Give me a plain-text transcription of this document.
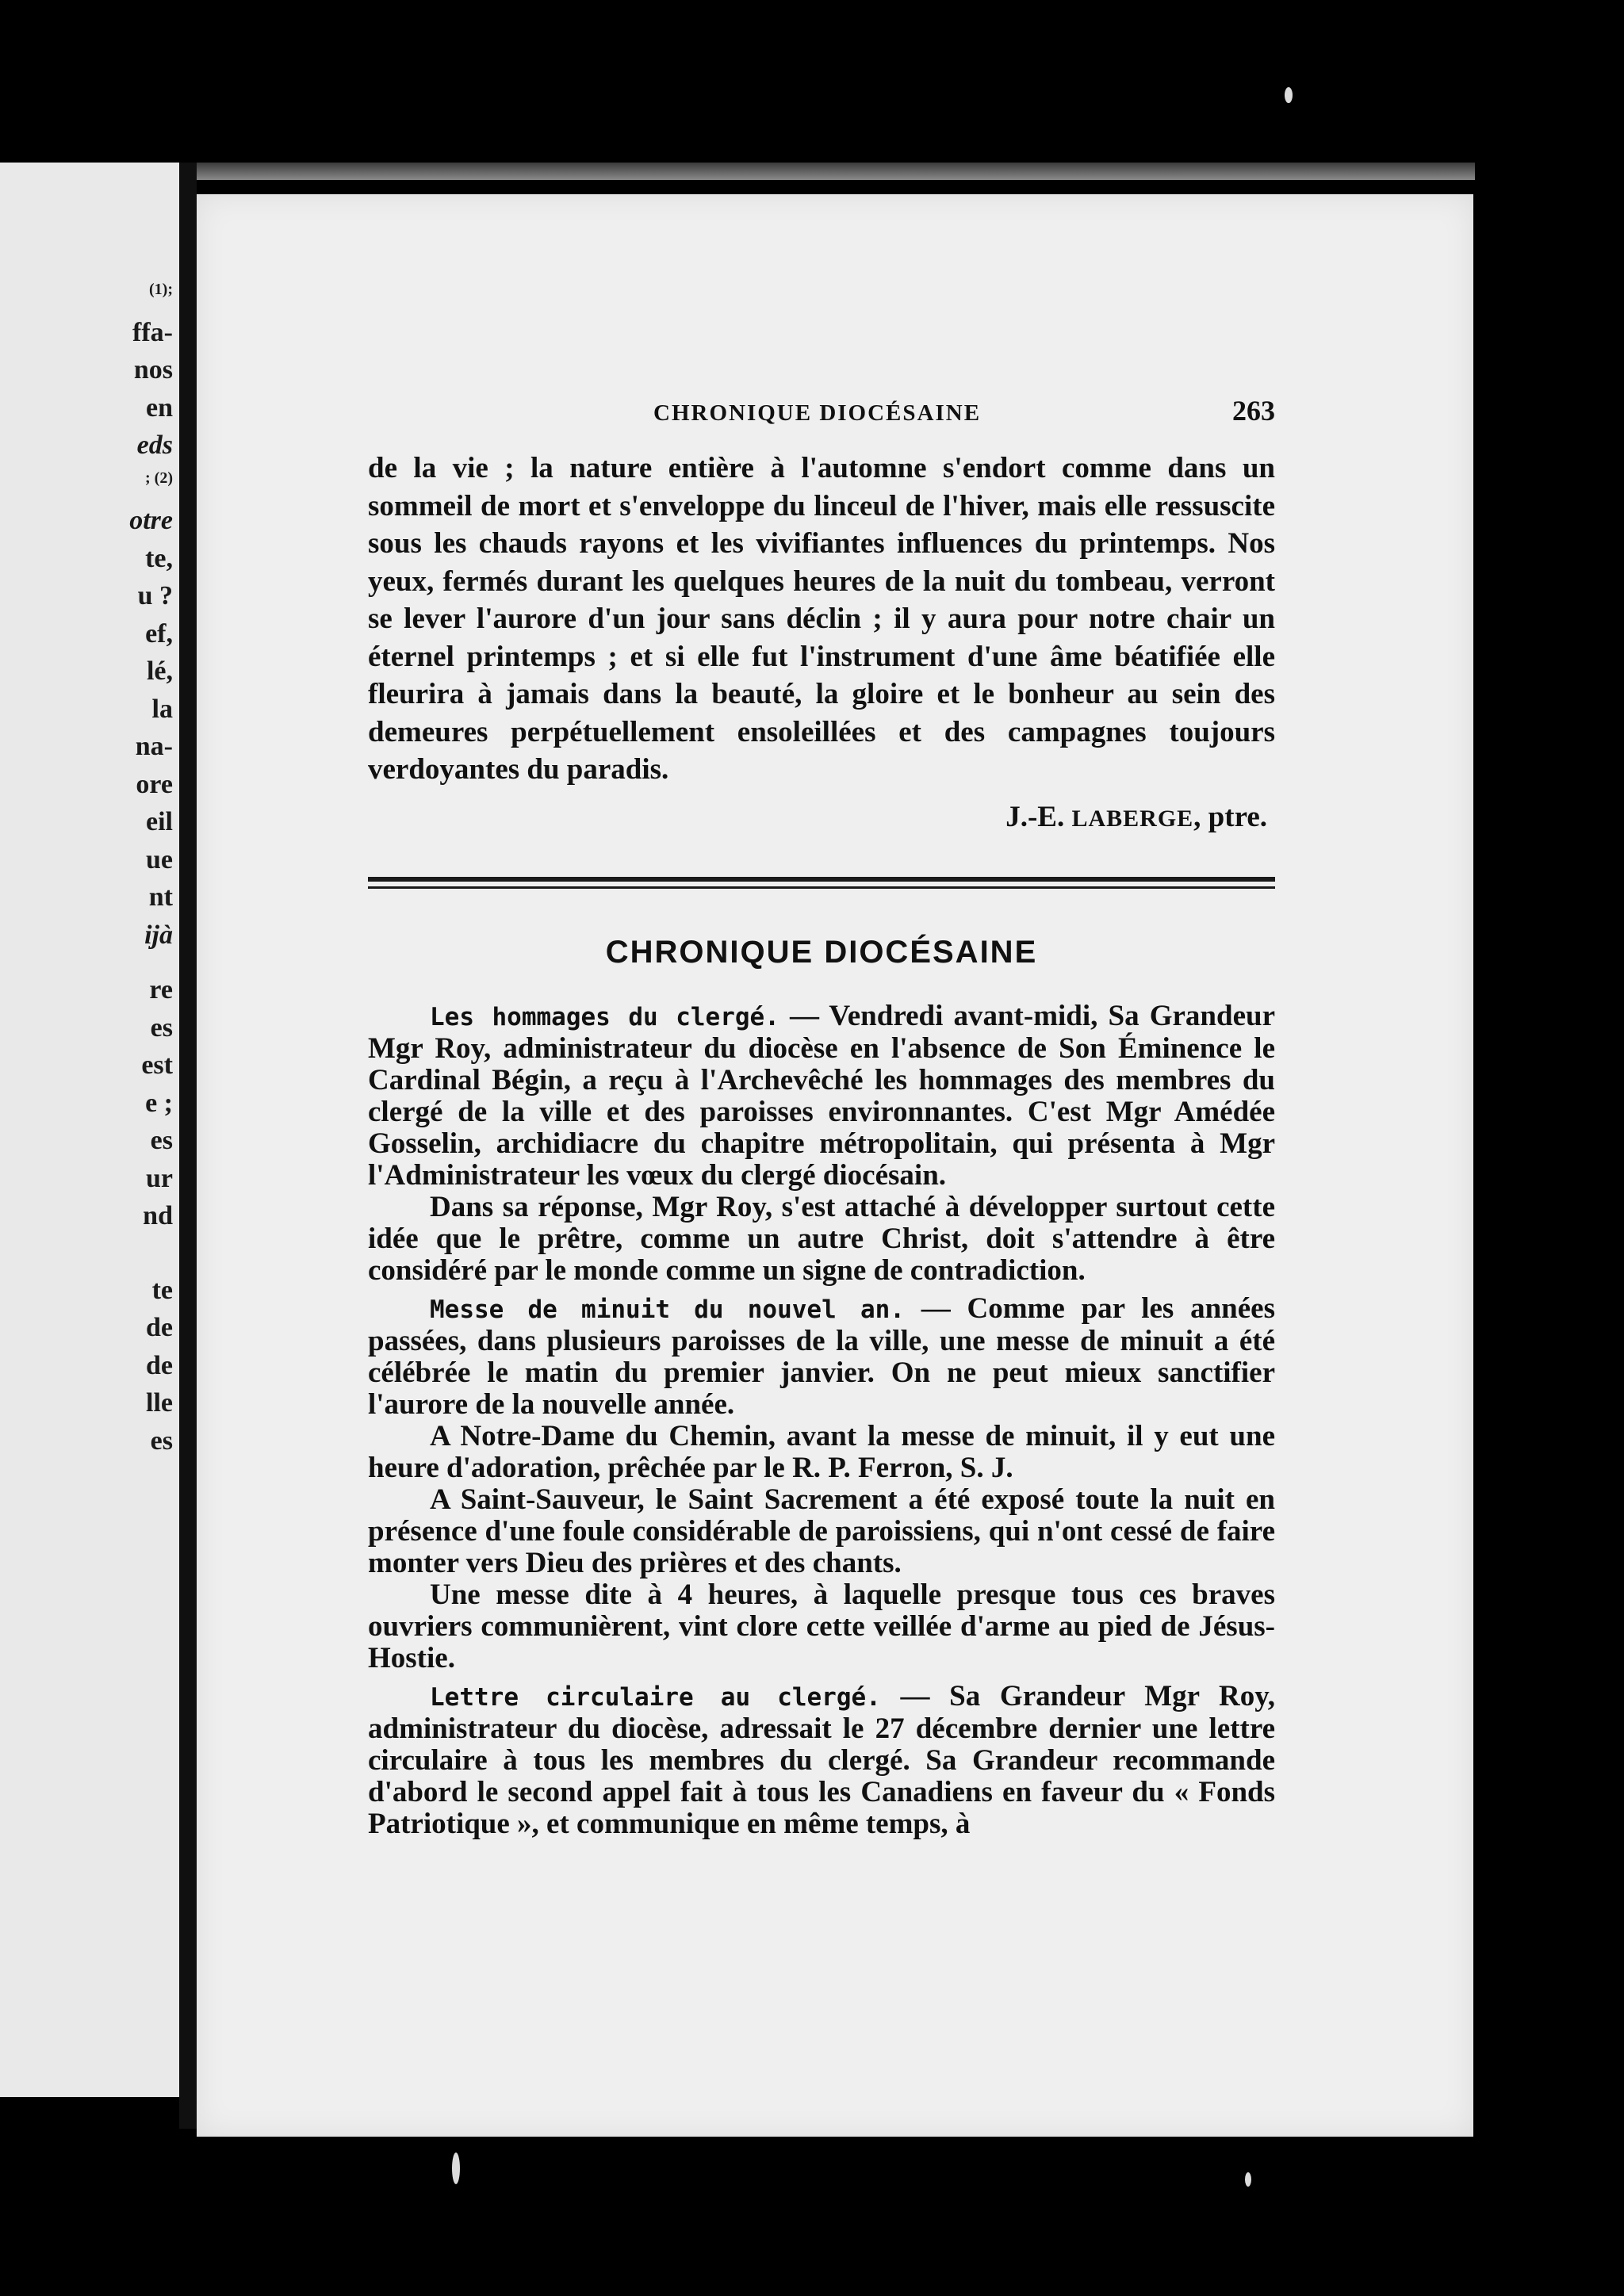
(1);
ffa-
nos
en
eds
; (2)
otre
te,
u ?
ef,
lé,
la
na-
ore
eil
ue
nt
ijà
re
es
est
e ;
es
ur
nd
te
de
de
lle
es
CHRONIQUE DIOCÉSAINE	263

de la vie ; la nature entière à l'automne s'endort comme dans un sommeil de mort et s'enveloppe du linceul de l'hiver, mais elle ressuscite sous les chauds rayons et les vivifiantes influences du printemps. Nos yeux, fermés durant les quelques heures de la nuit du tombeau, verront se lever l'aurore d'un jour sans déclin ; il y aura pour notre chair un éternel printemps ; et si elle fut l'instrument d'une âme béatifiée elle fleurira à jamais dans la beauté, la gloire et le bonheur au sein des demeures perpétuellement ensoleillées et des campagnes toujours verdoyantes du paradis.

J.-E. LABERGE, ptre.
CHRONIQUE DIOCÉSAINE

Les hommages du clergé. — Vendredi avant-midi, Sa Grandeur Mgr Roy, administrateur du diocèse en l'absence de Son Éminence le Cardinal Bégin, a reçu à l'Archevêché les hommages des membres du clergé de la ville et des paroisses environnantes. C'est Mgr Amédée Gosselin, archidiacre du chapitre métropolitain, qui présenta à Mgr l'Administrateur les vœux du clergé diocésain.

Dans sa réponse, Mgr Roy, s'est attaché à développer surtout cette idée que le prêtre, comme un autre Christ, doit s'attendre à être considéré par le monde comme un signe de contradiction.

Messe de minuit du nouvel an. — Comme par les années passées, dans plusieurs paroisses de la ville, une messe de minuit a été célébrée le matin du premier janvier. On ne peut mieux sanctifier l'aurore de la nouvelle année.

A Notre-Dame du Chemin, avant la messe de minuit, il y eut une heure d'adoration, prêchée par le R. P. Ferron, S. J.

A Saint-Sauveur, le Saint Sacrement a été exposé toute la nuit en présence d'une foule considérable de paroissiens, qui n'ont cessé de faire monter vers Dieu des prières et des chants.

Une messe dite à 4 heures, à laquelle presque tous ces braves ouvriers communièrent, vint clore cette veillée d'arme au pied de Jésus-Hostie.

Lettre circulaire au clergé. — Sa Grandeur Mgr Roy, administrateur du diocèse, adressait le 27 décembre dernier une lettre circulaire à tous les membres du clergé. Sa Grandeur recommande d'abord le second appel fait à tous les Canadiens en faveur du « Fonds Patriotique », et communique en même temps, à
